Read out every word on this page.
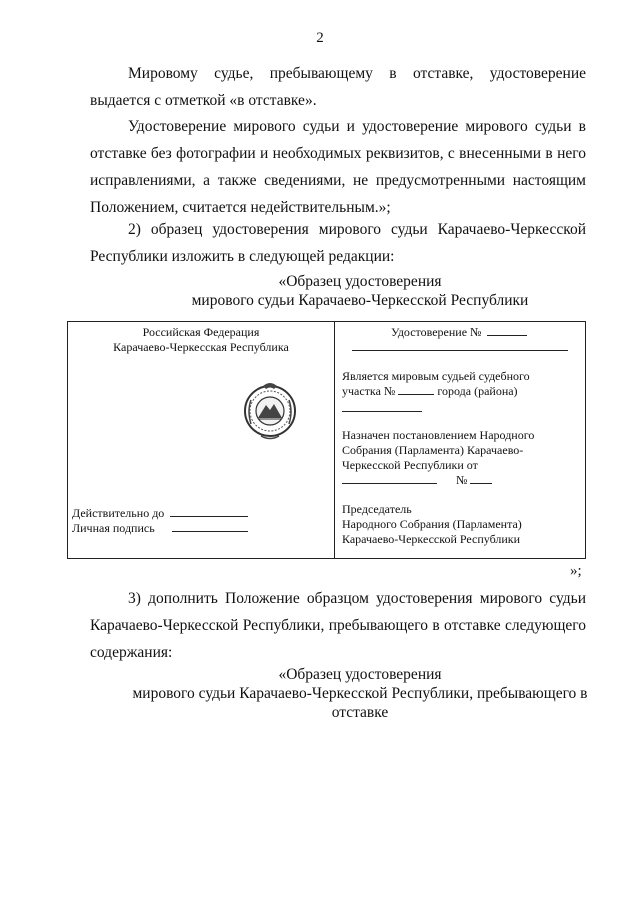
2

Мировому судье, пребывающему в отставке, удостоверение выдается с отметкой «в отставке».

Удостоверение мирового судьи и удостоверение мирового судьи в отставке без фотографии и необходимых реквизитов, с внесенными в него исправлениями, а также сведениями, не предусмотренными настоящим Положением, считается недействительным.»;

2) образец удостоверения мирового судьи Карачаево-Черкесской Республики изложить в следующей редакции:

«Образец удостоверения
мирового судьи Карачаево-Черкесской Республики
Российская Федерация
Карачаево-Черкесская Республика
Действительно до
Личная подпись
Удостоверение №
Является мировым судьей судебного
участка №	города (района)
Назначен постановлением Народного
Собрания (Парламента) Карачаево-
Черкесской Республики от
№
Председатель
Народного Собрания (Парламента)
Карачаево-Черкесской Республики
»;

3) дополнить Положение образцом удостоверения мирового судьи Карачаево-Черкесской Республики, пребывающего в отставке следующего содержания:

«Образец удостоверения
мирового судьи Карачаево-Черкесской Республики, пребывающего в
отставке
